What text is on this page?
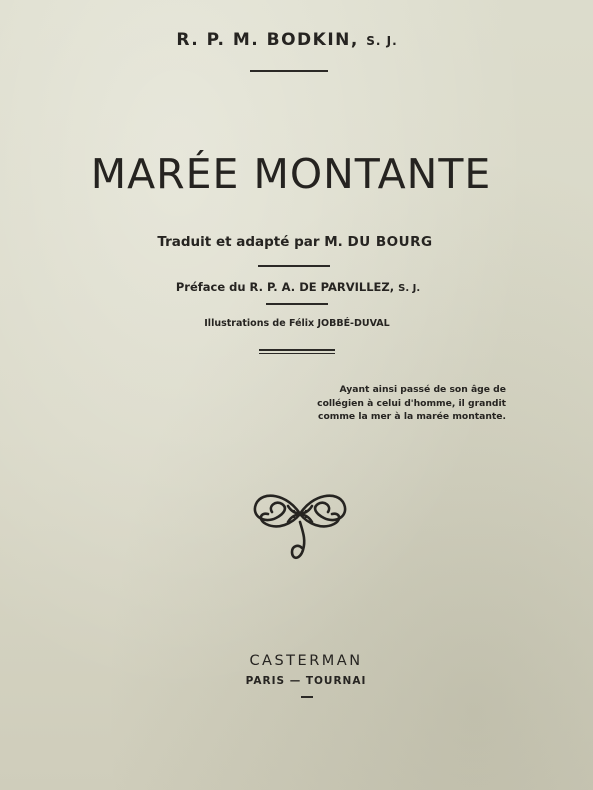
R. P. M. BODKIN, S. J.
MARÉE MONTANTE
Traduit et adapté par M. DU BOURG
Préface du R. P. A. DE PARVILLEZ, S. J.
Illustrations de Félix JOBBÉ-DUVAL
Ayant ainsi passé de son âge de
collégien à celui d'homme, il grandit
comme la mer à la marée montante.
CASTERMAN
PARIS — TOURNAI
